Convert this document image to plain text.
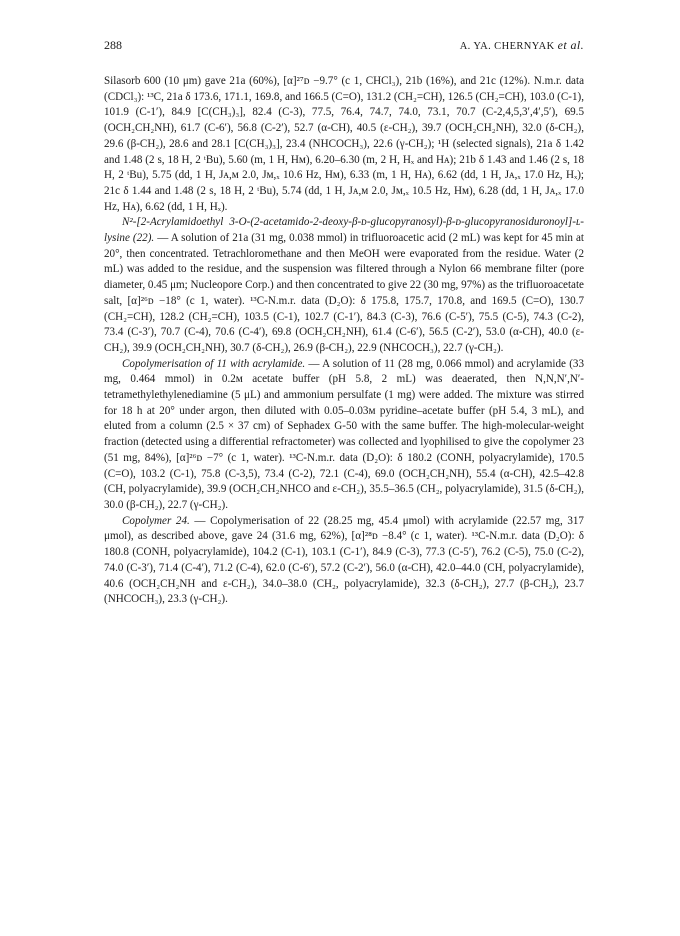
288	A. YA. CHERNYAK et al.

Silasorb 600 (10 μm) gave 21a (60%), [α]²⁷ᴅ −9.7° (c 1, CHCl₃), 21b (16%), and 21c (12%). N.m.r. data (CDCl₃): ¹³C, 21a δ 173.6, 171.1, 169.8, and 166.5 (C=O), 131.2 (CH₂=CH), 126.5 (CH₂=CH), 103.0 (C-1), 101.9 (C-1′), 84.9 [C(CH₃)₃], 82.4 (C-3), 77.5, 76.4, 74.7, 74.0, 73.1, 70.7 (C-2,4,5,3′,4′,5′), 69.5 (OCH₂CH₂NH), 61.7 (C-6′), 56.8 (C-2′), 52.7 (α-CH), 40.5 (ε-CH₂), 39.7 (OCH₂CH₂NH), 32.0 (δ-CH₂), 29.6 (β-CH₂), 28.6 and 28.1 [C(CH₃)₃], 23.4 (NHCOCH₃), 22.6 (γ-CH₂); ¹H (selected signals), 21a δ 1.42 and 1.48 (2 s, 18 H, 2 ᵗBu), 5.60 (m, 1 H, Hᴍ), 6.20–6.30 (m, 2 H, Hₓ and Hᴀ); 21b δ 1.43 and 1.46 (2 s, 18 H, 2 ᵗBu), 5.75 (dd, 1 H, Jᴀ,ᴍ 2.0, Jᴍ,ₓ 10.6 Hz, Hᴍ), 6.33 (m, 1 H, Hᴀ), 6.62 (dd, 1 H, Jᴀ,ₓ 17.0 Hz, Hₓ); 21c δ 1.44 and 1.48 (2 s, 18 H, 2 ᵗBu), 5.74 (dd, 1 H, Jᴀ,ᴍ 2.0, Jᴍ,ₓ 10.5 Hz, Hᴍ), 6.28 (dd, 1 H, Jᴀ,ₓ 17.0 Hz, Hᴀ), 6.62 (dd, 1 H, Hₓ).

N²-[2-Acrylamidoethyl 3-O-(2-acetamido-2-deoxy-β-ᴅ-glucopyranosyl)-β-ᴅ-glucopyranosiduronoyl]-ʟ-lysine (22). — A solution of 21a (31 mg, 0.038 mmol) in trifluoroacetic acid (2 mL) was kept for 45 min at 20°, then concentrated. Tetrachloromethane and then MeOH were evaporated from the residue. Water (2 mL) was added to the residue, and the suspension was filtered through a Nylon 66 membrane filter (pore diameter, 0.45 μm; Nucleopore Corp.) and then concentrated to give 22 (30 mg, 97%) as the trifluoroacetate salt, [α]²⁶ᴅ −18° (c 1, water). ¹³C-N.m.r. data (D₂O): δ 175.8, 175.7, 170.8, and 169.5 (C=O), 130.7 (CH₂=CH), 128.2 (CH₂=CH), 103.5 (C-1), 102.7 (C-1′), 84.3 (C-3), 76.6 (C-5′), 75.5 (C-5), 74.3 (C-2), 73.4 (C-3′), 70.7 (C-4), 70.6 (C-4′), 69.8 (OCH₂CH₂NH), 61.4 (C-6′), 56.5 (C-2′), 53.0 (α-CH), 40.0 (ε-CH₂), 39.9 (OCH₂CH₂NH), 30.7 (δ-CH₂), 26.9 (β-CH₂), 22.9 (NHCOCH₃), 22.7 (γ-CH₂).

Copolymerisation of 11 with acrylamide. — A solution of 11 (28 mg, 0.066 mmol) and acrylamide (33 mg, 0.464 mmol) in 0.2ᴍ acetate buffer (pH 5.8, 2 mL) was deaerated, then N,N,N′,N′-tetramethylethylenediamine (5 μL) and ammonium persulfate (1 mg) were added. The mixture was stirred for 18 h at 20° under argon, then diluted with 0.05–0.03ᴍ pyridine–acetate buffer (pH 5.4, 3 mL), and eluted from a column (2.5 × 37 cm) of Sephadex G-50 with the same buffer. The high-molecular-weight fraction (detected using a differential refractometer) was collected and lyophilised to give the copolymer 23 (51 mg, 84%), [α]²⁶ᴅ −7° (c 1, water). ¹³C-N.m.r. data (D₂O): δ 180.2 (CONH, polyacrylamide), 170.5 (C=O), 103.2 (C-1), 75.8 (C-3,5), 73.4 (C-2), 72.1 (C-4), 69.0 (OCH₂CH₂NH), 55.4 (α-CH), 42.5–42.8 (CH, polyacrylamide), 39.9 (OCH₂CH₂NHCO and ε-CH₂), 35.5–36.5 (CH₂, polyacrylamide), 31.5 (δ-CH₂), 30.0 (β-CH₂), 22.7 (γ-CH₂).

Copolymer 24. — Copolymerisation of 22 (28.25 mg, 45.4 μmol) with acrylamide (22.57 mg, 317 μmol), as described above, gave 24 (31.6 mg, 62%), [α]²⁸ᴅ −8.4° (c 1, water). ¹³C-N.m.r. data (D₂O): δ 180.8 (CONH, polyacrylamide), 104.2 (C-1), 103.1 (C-1′), 84.9 (C-3), 77.3 (C-5′), 76.2 (C-5), 75.0 (C-2), 74.0 (C-3′), 71.4 (C-4′), 71.2 (C-4), 62.0 (C-6′), 57.2 (C-2′), 56.0 (α-CH), 42.0–44.0 (CH, polyacrylamide), 40.6 (OCH₂CH₂NH and ε-CH₂), 34.0–38.0 (CH₂, polyacrylamide), 32.3 (δ-CH₂), 27.7 (β-CH₂), 23.7 (NHCOCH₃), 23.3 (γ-CH₂).
